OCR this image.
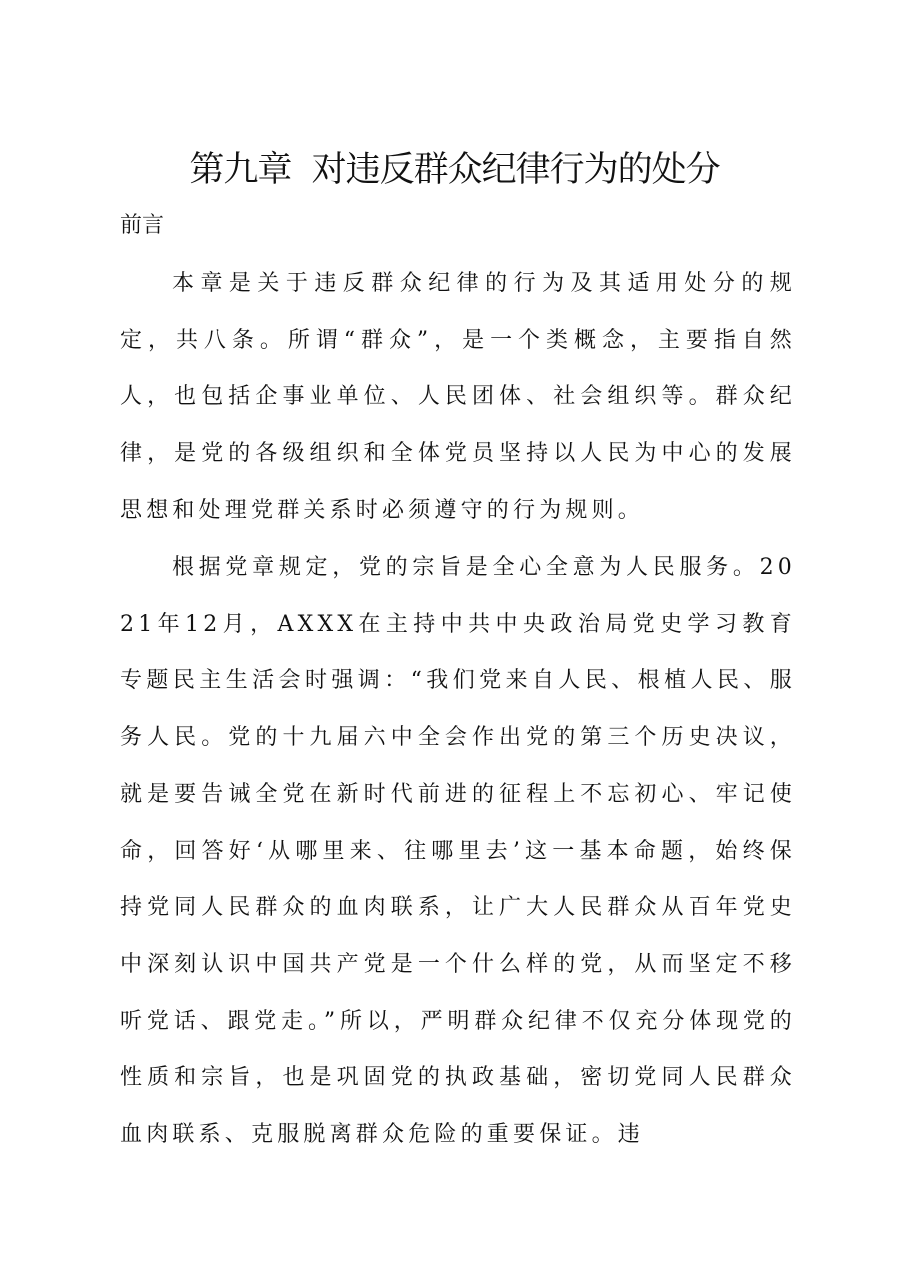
第九章  对违反群众纪律行为的处分
前言

本章是关于违反群众纪律的行为及其适用处分的规定，共八条。所谓“群众”，是一个类概念，主要指自然人，也包括企事业单位、人民团体、社会组织等。群众纪律，是党的各级组织和全体党员坚持以人民为中心的发展思想和处理党群关系时必须遵守的行为规则。

根据党章规定，党的宗旨是全心全意为人民服务。2021年12月，AXXX在主持中共中央政治局党史学习教育专题民主生活会时强调：“我们党来自人民、根植人民、服务人民。党的十九届六中全会作出党的第三个历史决议，就是要告诫全党在新时代前进的征程上不忘初心、牢记使命，回答好‘从哪里来、往哪里去’这一基本命题，始终保持党同人民群众的血肉联系，让广大人民群众从百年党史中深刻认识中国共产党是一个什么样的党，从而坚定不移听党话、跟党走。”所以，严明群众纪律不仅充分体现党的性质和宗旨，也是巩固党的执政基础，密切党同人民群众血肉联系、克服脱离群众危险的重要保证。违
